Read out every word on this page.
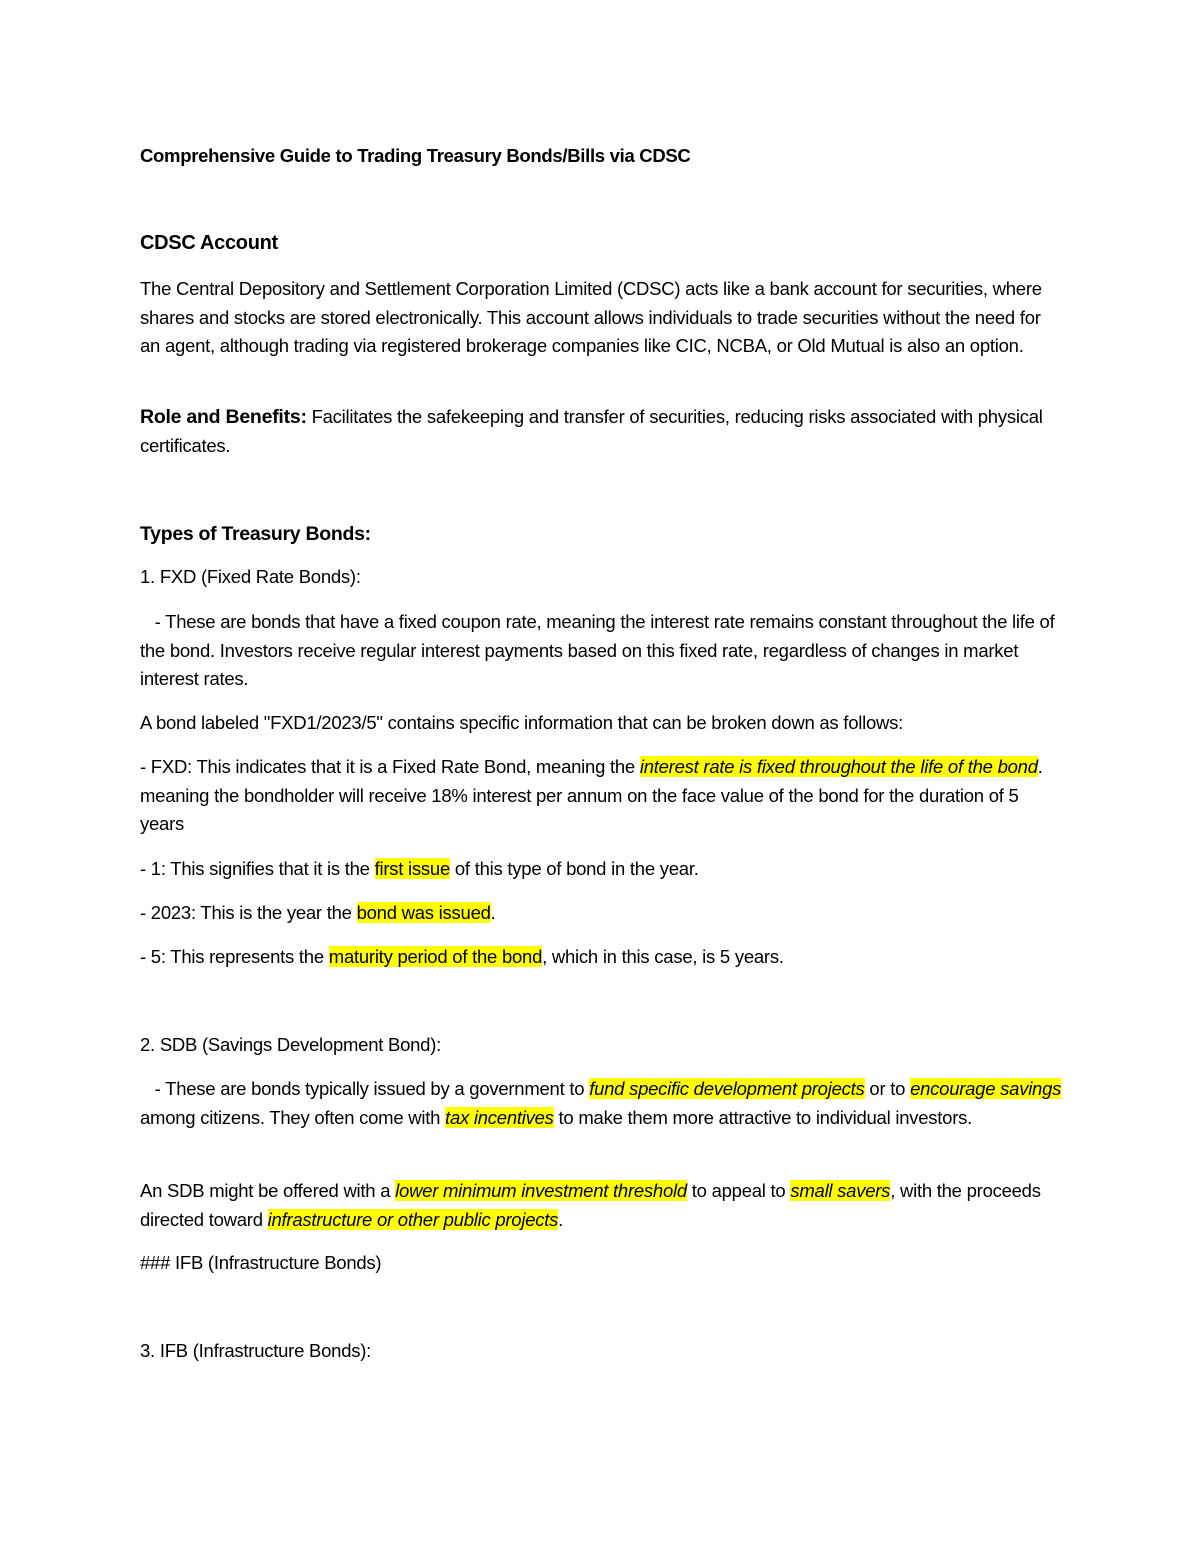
Comprehensive Guide to Trading Treasury Bonds/Bills via CDSC
CDSC Account

The Central Depository and Settlement Corporation Limited (CDSC) acts like a bank account for securities, where shares and stocks are stored electronically. This account allows individuals to trade securities without the need for an agent, although trading via registered brokerage companies like CIC, NCBA, or Old Mutual is also an option.

Role and Benefits: Facilitates the safekeeping and transfer of securities, reducing risks associated with physical certificates.

Types of Treasury Bonds:

1. FXD (Fixed Rate Bonds):

- These are bonds that have a fixed coupon rate, meaning the interest rate remains constant throughout the life of the bond. Investors receive regular interest payments based on this fixed rate, regardless of changes in market interest rates.

A bond labeled "FXD1/2023/5" contains specific information that can be broken down as follows:

- FXD: This indicates that it is a Fixed Rate Bond, meaning the interest rate is fixed throughout the life of the bond. meaning the bondholder will receive 18% interest per annum on the face value of the bond for the duration of 5 years

- 1: This signifies that it is the first issue of this type of bond in the year.

- 2023: This is the year the bond was issued.

- 5: This represents the maturity period of the bond, which in this case, is 5 years.

2. SDB (Savings Development Bond):

- These are bonds typically issued by a government to fund specific development projects or to encourage savings among citizens. They often come with tax incentives to make them more attractive to individual investors.

An SDB might be offered with a lower minimum investment threshold to appeal to small savers, with the proceeds directed toward infrastructure or other public projects.

### IFB (Infrastructure Bonds)

3. IFB (Infrastructure Bonds):
